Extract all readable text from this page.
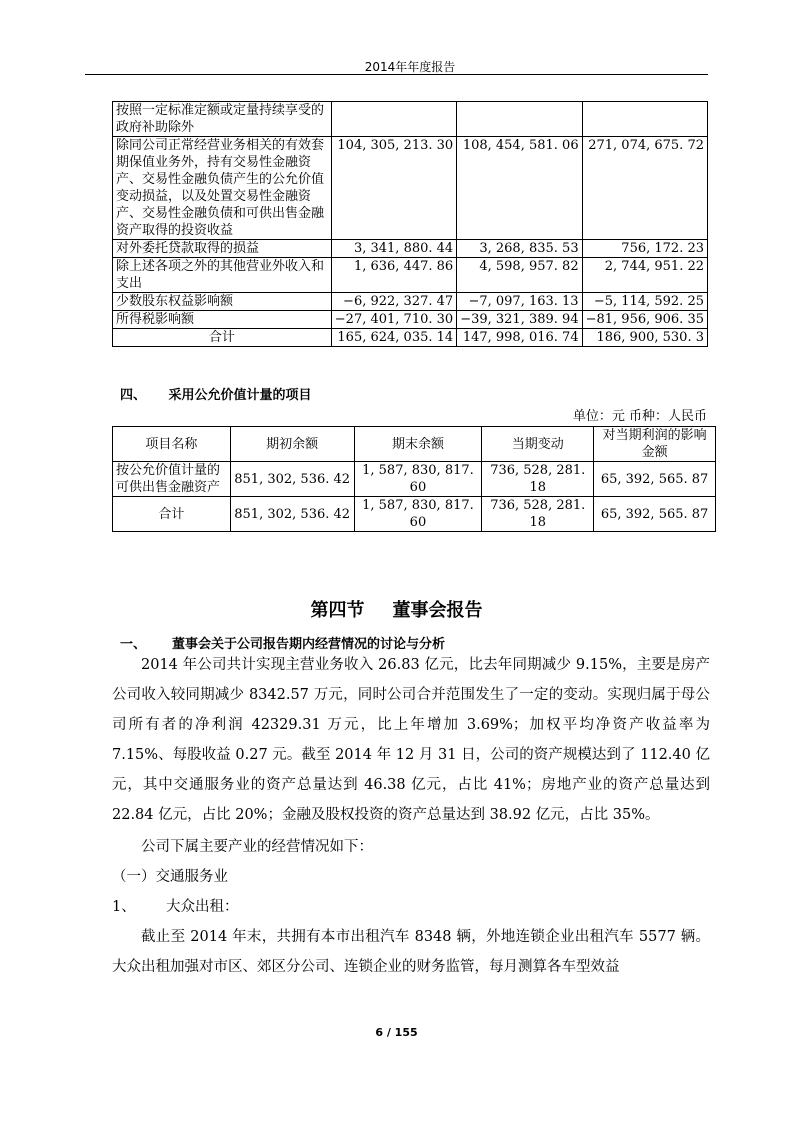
2014年年度报告
按照一定标准定额或定量持续享受的政府补助除外			
除同公司正常经营业务相关的有效套期保值业务外，持有交易性金融资产、交易性金融负债产生的公允价值变动损益，以及处置交易性金融资产、交易性金融负债和可供出售金融资产取得的投资收益	104, 305, 213. 30	108, 454, 581. 06	271, 074, 675. 72
对外委托贷款取得的损益	3, 341, 880. 44	3, 268, 835. 53	756, 172. 23
除上述各项之外的其他营业外收入和支出	1, 636, 447. 86	4, 598, 957. 82	2, 744, 951. 22
少数股东权益影响额	−6, 922, 327. 47	−7, 097, 163. 13	−5, 114, 592. 25
所得税影响额	−27, 401, 710. 30	−39, 321, 389. 94	−81, 956, 906. 35
合计	165, 624, 035. 14	147, 998, 016. 74	186, 900, 530. 3
四、 采用公允价值计量的项目
单位：元 币种：人民币
项目名称	期初余额	期末余额	当期变动	对当期利润的影响金额
按公允价值计量的可供出售金融资产	851, 302, 536. 42	1, 587, 830, 817. 60	736, 528, 281. 18	65, 392, 565. 87
合计	851, 302, 536. 42	1, 587, 830, 817. 60	736, 528, 281. 18	65, 392, 565. 87
第四节 董事会报告
一、 董事会关于公司报告期内经营情况的讨论与分析

2014 年公司共计实现主营业务收入 26.83 亿元，比去年同期减少 9.15%，主要是房产公司收入较同期减少 8342.57 万元，同时公司合并范围发生了一定的变动。实现归属于母公司所有者的净利润 42329.31 万元，比上年增加 3.69%；加权平均净资产收益率为 7.15%、每股收益 0.27 元。截至 2014 年 12 月 31 日，公司的资产规模达到了 112.40 亿元，其中交通服务业的资产总量达到 46.38 亿元，占比 41%；房地产业的资产总量达到 22.84 亿元，占比 20%；金融及股权投资的资产总量达到 38.92 亿元，占比 35%。

公司下属主要产业的经营情况如下：

（一）交通服务业

1、 大众出租：

截止至 2014 年末，共拥有本市出租汽车 8348 辆，外地连锁企业出租汽车 5577 辆。大众出租加强对市区、郊区分公司、连锁企业的财务监管，每月测算各车型效益

6 / 155
